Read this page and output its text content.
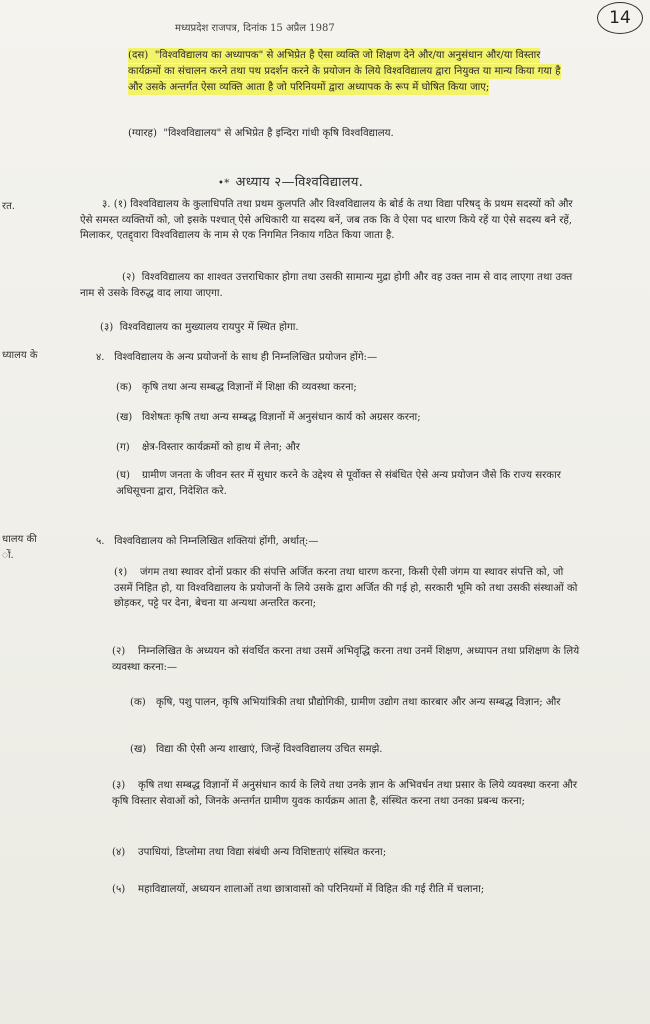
मध्यप्रदेश राजपत्र, दिनांक 15 अप्रैल 1987
14
रत.
ध्यालय के
धालय की
ों.
(दस) "विश्वविद्यालय का अध्यापक" से अभिप्रेत है ऐसा व्यक्ति जो शिक्षण देने और/या अनुसंधान और/या विस्तार कार्यक्रमों का संचालन करने तथा पथ प्रदर्शन करने के प्रयोजन के लिये विश्वविद्यालय द्वारा नियुक्त या मान्य किया गया है और उसके अन्तर्गत ऐसा व्यक्ति आता है जो परिनियमों द्वारा अध्यापक के रूप में घोषित किया जाए;
(ग्यारह) "विश्वविद्यालय" से अभिप्रेत है इन्दिरा गांधी कृषि विश्वविद्यालय.
•* अध्याय २—विश्वविद्यालय.
३. (१) विश्वविद्यालय के कुलाधिपति तथा प्रथम कुलपति और विश्वविद्यालय के बोर्ड के तथा विद्या परिषद् के प्रथम सदस्यों को और ऐसे समस्त व्यक्तियों को, जो इसके पश्चात् ऐसे अधिकारी या सदस्य बनें, जब तक कि वे ऐसा पद धारण किये रहें या ऐसे सदस्य बने रहें, मिलाकर, एतद्द्वारा विश्वविद्यालय के नाम से एक निगमित निकाय गठित किया जाता है.
(२) विश्वविद्यालय का शाश्वत उत्तराधिकार होगा तथा उसकी सामान्य मुद्रा होगी और वह उक्त नाम से वाद लाएगा तथा उक्त नाम से उसके विरुद्ध वाद लाया जाएगा.
(३) विश्वविद्यालय का मुख्यालय रायपुर में स्थित होगा.
४. विश्वविद्यालय के अन्य प्रयोजनों के साथ ही निम्नलिखित प्रयोजन होंगे:—
(क) कृषि तथा अन्य सम्बद्ध विज्ञानों में शिक्षा की व्यवस्था करना;
(ख) विशेषतः कृषि तथा अन्य सम्बद्ध विज्ञानों में अनुसंधान कार्य को अग्रसर करना;
(ग) क्षेत्र-विस्तार कार्यक्रमों को हाथ में लेना; और
(घ) ग्रामीण जनता के जीवन स्तर में सुधार करने के उद्देश्य से पूर्वोक्त से संबंधित ऐसे अन्य प्रयोजन जैसे कि राज्य सरकार अधिसूचना द्वारा, निदेशित करे.
५. विश्वविद्यालय को निम्नलिखित शक्तियां होंगी, अर्थात्:—
(१) जंगम तथा स्थावर दोनों प्रकार की संपत्ति अर्जित करना तथा धारण करना, किसी ऐसी जंगम या स्थावर संपत्ति को, जो उसमें निहित हो, या विश्वविद्यालय के प्रयोजनों के लिये उसके द्वारा अर्जित की गई हो, सरकारी भूमि को तथा उसकी संस्थाओं को छोड़कर, पट्टे पर देना, बेचना या अन्यथा अन्तरित करना;
(२) निम्नलिखित के अध्ययन को संवर्धित करना तथा उसमें अभिवृद्धि करना तथा उनमें शिक्षण, अध्यापन तथा प्रशिक्षण के लिये व्यवस्था करना:—
(क) कृषि, पशु पालन, कृषि अभियांत्रिकी तथा प्रौद्योगिकी, ग्रामीण उद्योग तथा कारबार और अन्य सम्बद्ध विज्ञान; और
(ख) विद्या की ऐसी अन्य शाखाएं, जिन्हें विश्वविद्यालय उचित समझे.
(३) कृषि तथा सम्बद्ध विज्ञानों में अनुसंधान कार्य के लिये तथा उनके ज्ञान के अभिवर्धन तथा प्रसार के लिये व्यवस्था करना और कृषि विस्तार सेवाओं को, जिनके अन्तर्गत ग्रामीण युवक कार्यक्रम आता है, संस्थित करना तथा उनका प्रबन्ध करना;
(४) उपाधियां, डिप्लोमा तथा विद्या संबंधी अन्य विशिष्टताएं संस्थित करना;
(५) महाविद्यालयों, अध्ययन शालाओं तथा छात्रावासों को परिनियमों में विहित की गई रीति में चलाना;
